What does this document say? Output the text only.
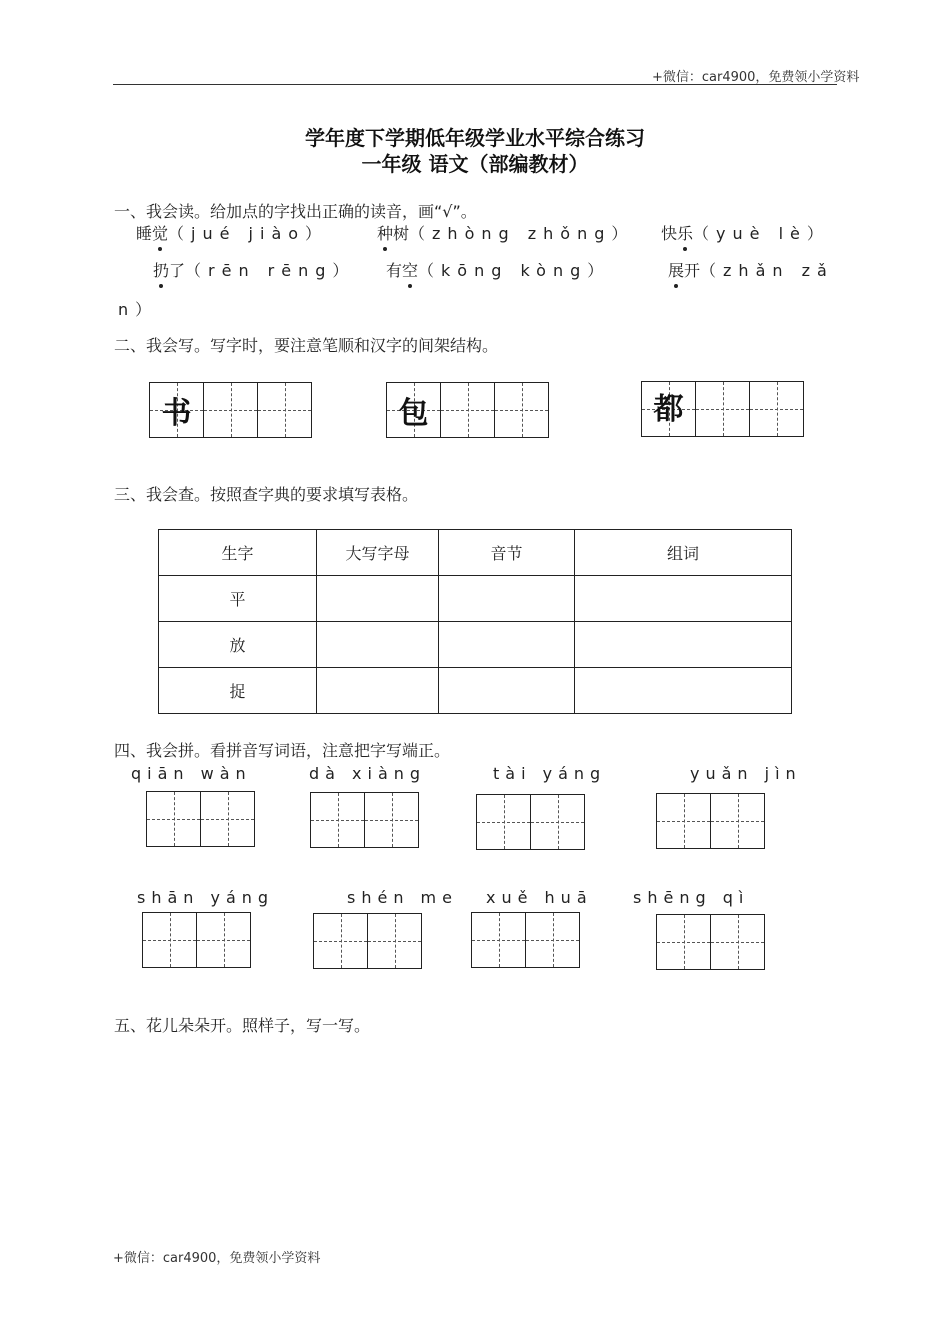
+微信：car4900，免费领小学资料
学年度下学期低年级学业水平综合练习
一年级 语文（部编教材）
一、我会读。给加点的字找出正确的读音，画“√”。
睡觉（jué jiào）	种树（zhòng zhǒng） 快乐（yuè lè）
扔了（rēn rēng） 有空（kōng kòng）	展开（zhǎn zǎ
n）
二、我会写。写字时，要注意笔顺和汉字的间架结构。
书	包	都
三、我会查。按照查字典的要求填写表格。
生字	大写字母	音节	组词
平			
放			
捉			
四、我会拼。看拼音写词语，注意把字写端正。
qiān wàn	dà xiàng	tài yáng	yuǎn jìn
shān yáng	shén me xuě huā	shēng qì
五、花儿朵朵开。照样子，写一写。
+微信：car4900，免费领小学资料
